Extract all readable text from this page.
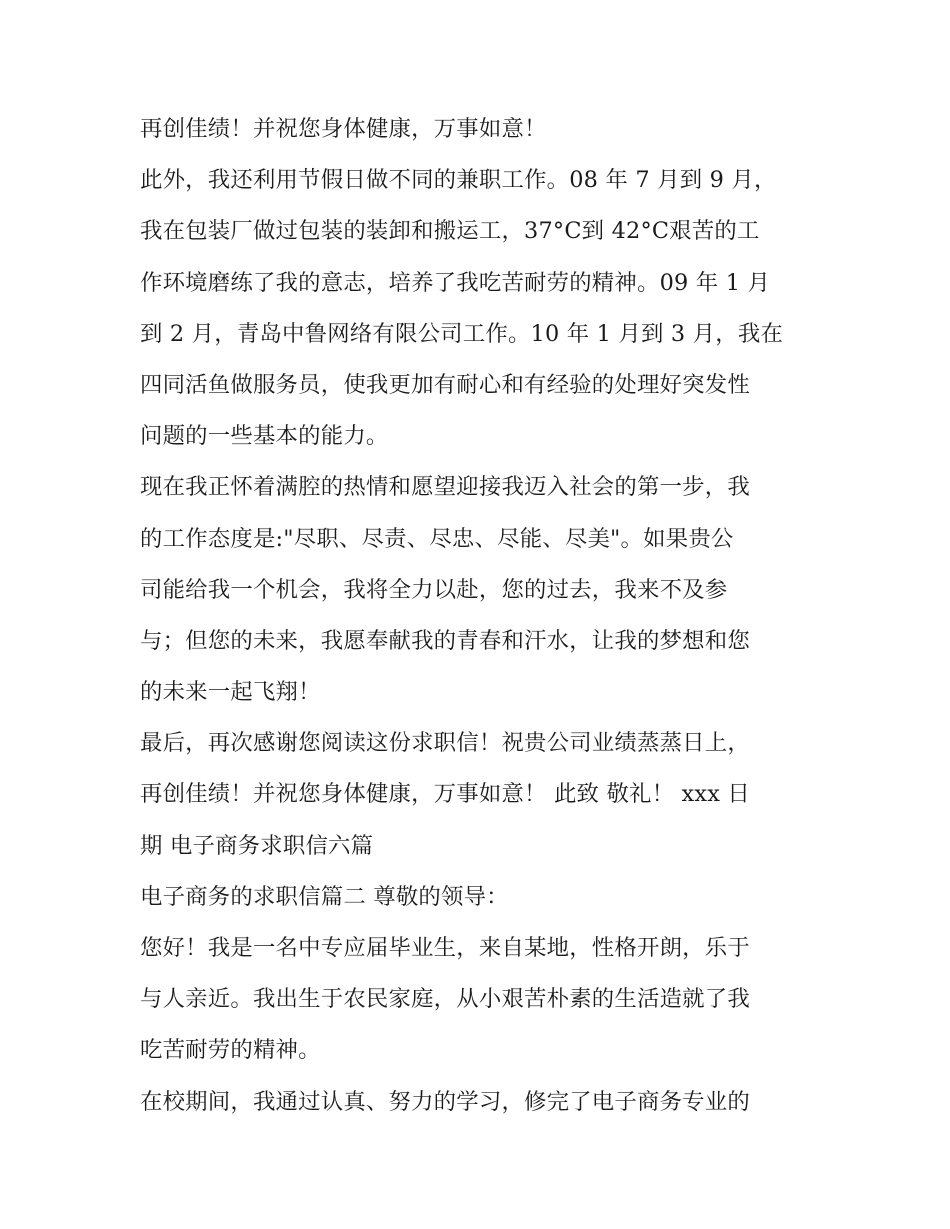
再创佳绩！并祝您身体健康，万事如意！
此外，我还利用节假日做不同的兼职工作。08 年 7 月到 9 月，
我在包装厂做过包装的装卸和搬运工，37°C到 42°C艰苦的工
作环境磨练了我的意志，培养了我吃苦耐劳的精神。09 年 1 月
到 2 月，青岛中鲁网络有限公司工作。10 年 1 月到 3 月，我在
四同活鱼做服务员，使我更加有耐心和有经验的处理好突发性
问题的一些基本的能力。
现在我正怀着满腔的热情和愿望迎接我迈入社会的第一步，我
的工作态度是:"尽职、尽责、尽忠、尽能、尽美"。如果贵公
司能给我一个机会，我将全力以赴，您的过去，我来不及参
与；但您的未来，我愿奉献我的青春和汗水，让我的梦想和您
的未来一起飞翔！
最后，再次感谢您阅读这份求职信！祝贵公司业绩蒸蒸日上，
再创佳绩！并祝您身体健康，万事如意！ 此致 敬礼！ xxx 日
期 电子商务求职信六篇
电子商务的求职信篇二 尊敬的领导：
您好！我是一名中专应届毕业生，来自某地，性格开朗，乐于
与人亲近。我出生于农民家庭，从小艰苦朴素的生活造就了我
吃苦耐劳的精神。
在校期间，我通过认真、努力的学习，修完了电子商务专业的
